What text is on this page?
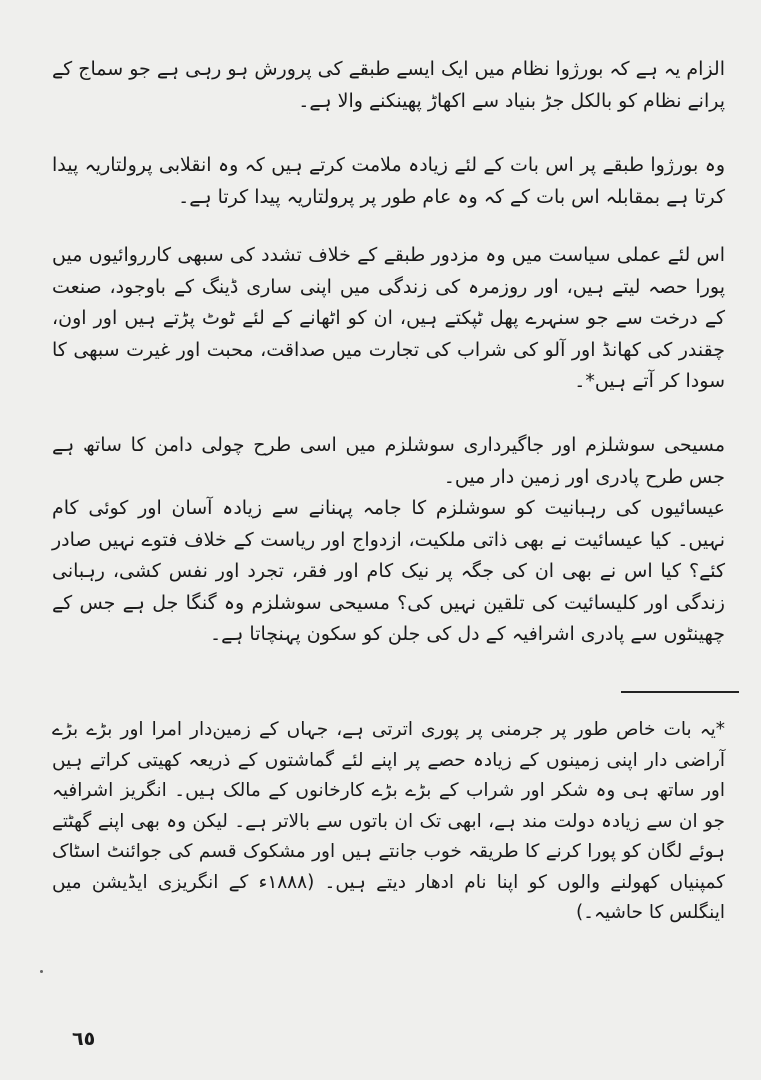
الزام یہ ہے کہ بورژوا نظام میں ایک ایسے طبقے کی پرورش ہو رہی ہے جو سماج کے پرانے نظام کو بالکل جڑ بنیاد سے اکھاڑ پھینکنے والا ہے۔

وہ بورژوا طبقے پر اس بات کے لئے زیادہ ملامت کرتے ہیں کہ وہ انقلابی پرولتاریہ پیدا کرتا ہے بمقابلہ اس بات کے کہ وہ عام طور پر پرولتاریہ پیدا کرتا ہے۔

اس لئے عملی سیاست میں وہ مزدور طبقے کے خلاف تشدد کی سبھی کارروائیوں میں پورا حصہ لیتے ہیں، اور روزمرہ کی زندگی میں اپنی ساری ڈینگ کے باوجود، صنعت کے درخت سے جو سنہرے پھل ٹپکتے ہیں، ان کو اٹھانے کے لئے ٹوٹ پڑتے ہیں اور اون، چقندر کی کھانڈ اور آلو کی شراب کی تجارت میں صداقت، محبت اور غیرت سبھی کا سودا کر آتے ہیں*۔

مسیحی سوشلزم اور جاگیرداری سوشلزم میں اسی طرح چولی دامن کا ساتھ ہے جس طرح پادری اور زمین دار میں۔

عیسائیوں کی رہبانیت کو سوشلزم کا جامہ پہنانے سے زیادہ آسان اور کوئی کام نہیں۔ کیا عیسائیت نے بھی ذاتی ملکیت، ازدواج اور ریاست کے خلاف فتوے نہیں صادر کئے؟ کیا اس نے بھی ان کی جگہ پر نیک کام اور فقر، تجرد اور نفس کشی، رہبانی زندگی اور کلیسائیت کی تلقین نہیں کی؟ مسیحی سوشلزم وہ گنگا جل ہے جس کے چھینٹوں سے پادری اشرافیہ کے دل کی جلن کو سکون پہنچاتا ہے۔

*یہ بات خاص طور پر جرمنی پر پوری اترتی ہے، جہاں کے زمین‌دار امرا اور بڑے بڑے آراضی دار اپنی زمینوں کے زیادہ حصے پر اپنے لئے گماشتوں کے ذریعہ کھیتی کراتے ہیں اور ساتھ ہی وہ شکر اور شراب کے بڑے بڑے کارخانوں کے مالک ہیں۔ انگریز اشرافیہ جو ان سے زیادہ دولت مند ہے، ابھی تک ان باتوں سے بالاتر ہے۔ لیکن وہ بھی اپنے گھٹتے ہوئے لگان کو پورا کرنے کا طریقہ خوب جانتے ہیں اور مشکوک قسم کی جوائنٹ اسٹاک کمپنیاں کھولنے والوں کو اپنا نام ادھار دیتے ہیں۔ (۱۸۸۸ء کے انگریزی ایڈیشن میں اینگلس کا حاشیہ۔)

٦٥
